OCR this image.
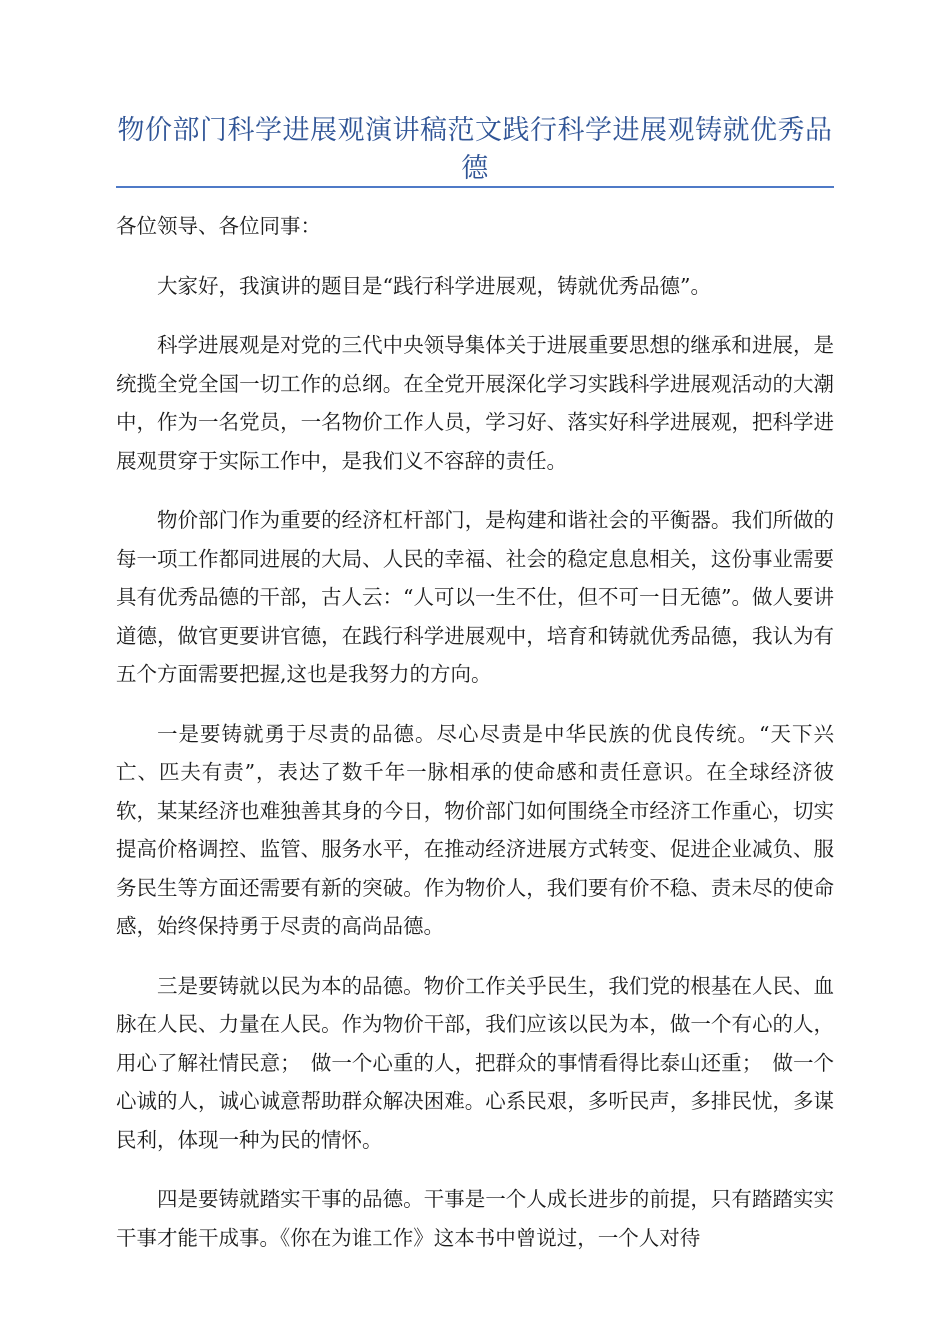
物价部门科学进展观演讲稿范文践行科学进展观铸就优秀品德

各位领导、各位同事：

大家好，我演讲的题目是“践行科学进展观，铸就优秀品德”。

科学进展观是对党的三代中央领导集体关于进展重要思想的继承和进展，是统揽全党全国一切工作的总纲。在全党开展深化学习实践科学进展观活动的大潮中，作为一名党员，一名物价工作人员，学习好、落实好科学进展观，把科学进展观贯穿于实际工作中，是我们义不容辞的责任。

物价部门作为重要的经济杠杆部门，是构建和谐社会的平衡器。我们所做的每一项工作都同进展的大局、人民的幸福、社会的稳定息息相关，这份事业需要具有优秀品德的干部，古人云：“人可以一生不仕，但不可一日无德”。做人要讲道德，做官更要讲官德，在践行科学进展观中，培育和铸就优秀品德，我认为有五个方面需要把握,这也是我努力的方向。

一是要铸就勇于尽责的品德。尽心尽责是中华民族的优良传统。“天下兴亡、匹夫有责”，表达了数千年一脉相承的使命感和责任意识。在全球经济彼软，某某经济也难独善其身的今日，物价部门如何围绕全市经济工作重心，切实提高价格调控、监管、服务水平，在推动经济进展方式转变、促进企业减负、服务民生等方面还需要有新的突破。作为物价人，我们要有价不稳、责未尽的使命感，始终保持勇于尽责的高尚品德。

三是要铸就以民为本的品德。物价工作关乎民生，我们党的根基在人民、血脉在人民、力量在人民。作为物价干部，我们应该以民为本，做一个有心的人，用心了解社情民意；　做一个心重的人，把群众的事情看得比泰山还重；　做一个心诚的人，诚心诚意帮助群众解决困难。心系民艰，多听民声，多排民忧，多谋民利，体现一种为民的情怀。

四是要铸就踏实干事的品德。干事是一个人成长进步的前提，只有踏踏实实干事才能干成事。《你在为谁工作》这本书中曾说过，一个人对待
